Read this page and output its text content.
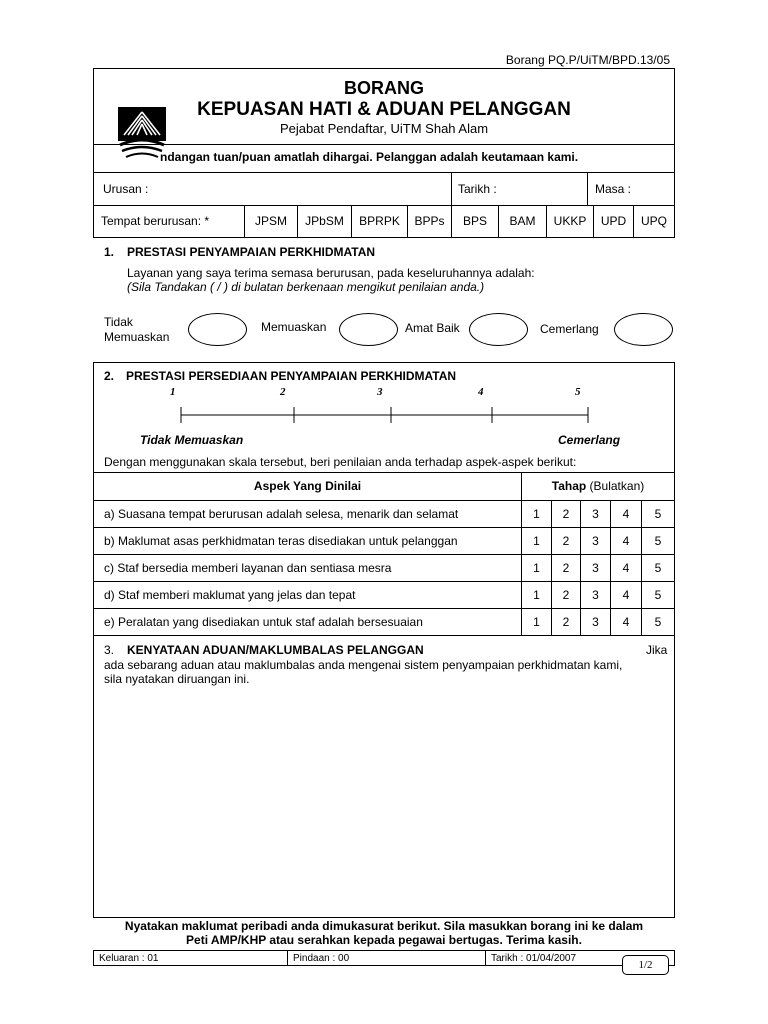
Borang PQ.P/UiTM/BPD.13/05
BORANG
KEPUASAN HATI & ADUAN PELANGGAN
Pejabat Pendaftar, UiTM Shah Alam
ndangan tuan/puan amatlah dihargai. Pelanggan adalah keutamaan kami.
Urusan :	Tarikh :	Masa :
Tempat berurusan: *	JPSM	JPbSM	BPRPK	BPPs	BPS	BAM	UKKP	UPD	UPQ
1. PRESTASI PENYAMPAIAN PERKHIDMATAN
Layanan yang saya terima semasa berurusan, pada keseluruhannya adalah:
(Sila Tandakan ( / ) di bulatan berkenaan mengikut penilaian anda.)
Tidak
Memuaskan
Memuaskan	Amat Baik	Cemerlang
2. PRESTASI PERSEDIAAN PENYAMPAIAN PERKHIDMATAN
1	2	3	4	5
Tidak Memuaskan	Cemerlang
Dengan menggunakan skala tersebut, beri penilaian anda terhadap aspek-aspek berikut:
Aspek Yang Dinilai	Tahap
(Bulatkan)
a) Suasana tempat berurusan adalah selesa, menarik dan selamat	1	2	3	4	5
b) Maklumat asas perkhidmatan teras disediakan untuk pelanggan	1	2	3	4	5
c) Staf bersedia memberi layanan dan sentiasa mesra	1	2	3	4	5
d) Staf memberi maklumat yang jelas dan tepat	1	2	3	4	5
e) Peralatan yang disediakan untuk staf adalah bersesuaian	1	2	3	4	5
3. KENYATAAN ADUAN/MAKLUMBALAS PELANGGAN	Jika
ada sebarang aduan atau maklumbalas anda mengenai sistem penyampaian perkhidmatan kami,
sila nyatakan diruangan ini.
Nyatakan maklumat peribadi anda dimukasurat berikut. Sila masukkan borang ini ke dalam
Peti AMP/KHP atau serahkan kepada pegawai bertugas. Terima kasih.
Keluaran : 01	Pindaan : 00	Tarikh : 01/04/2007
1/2
